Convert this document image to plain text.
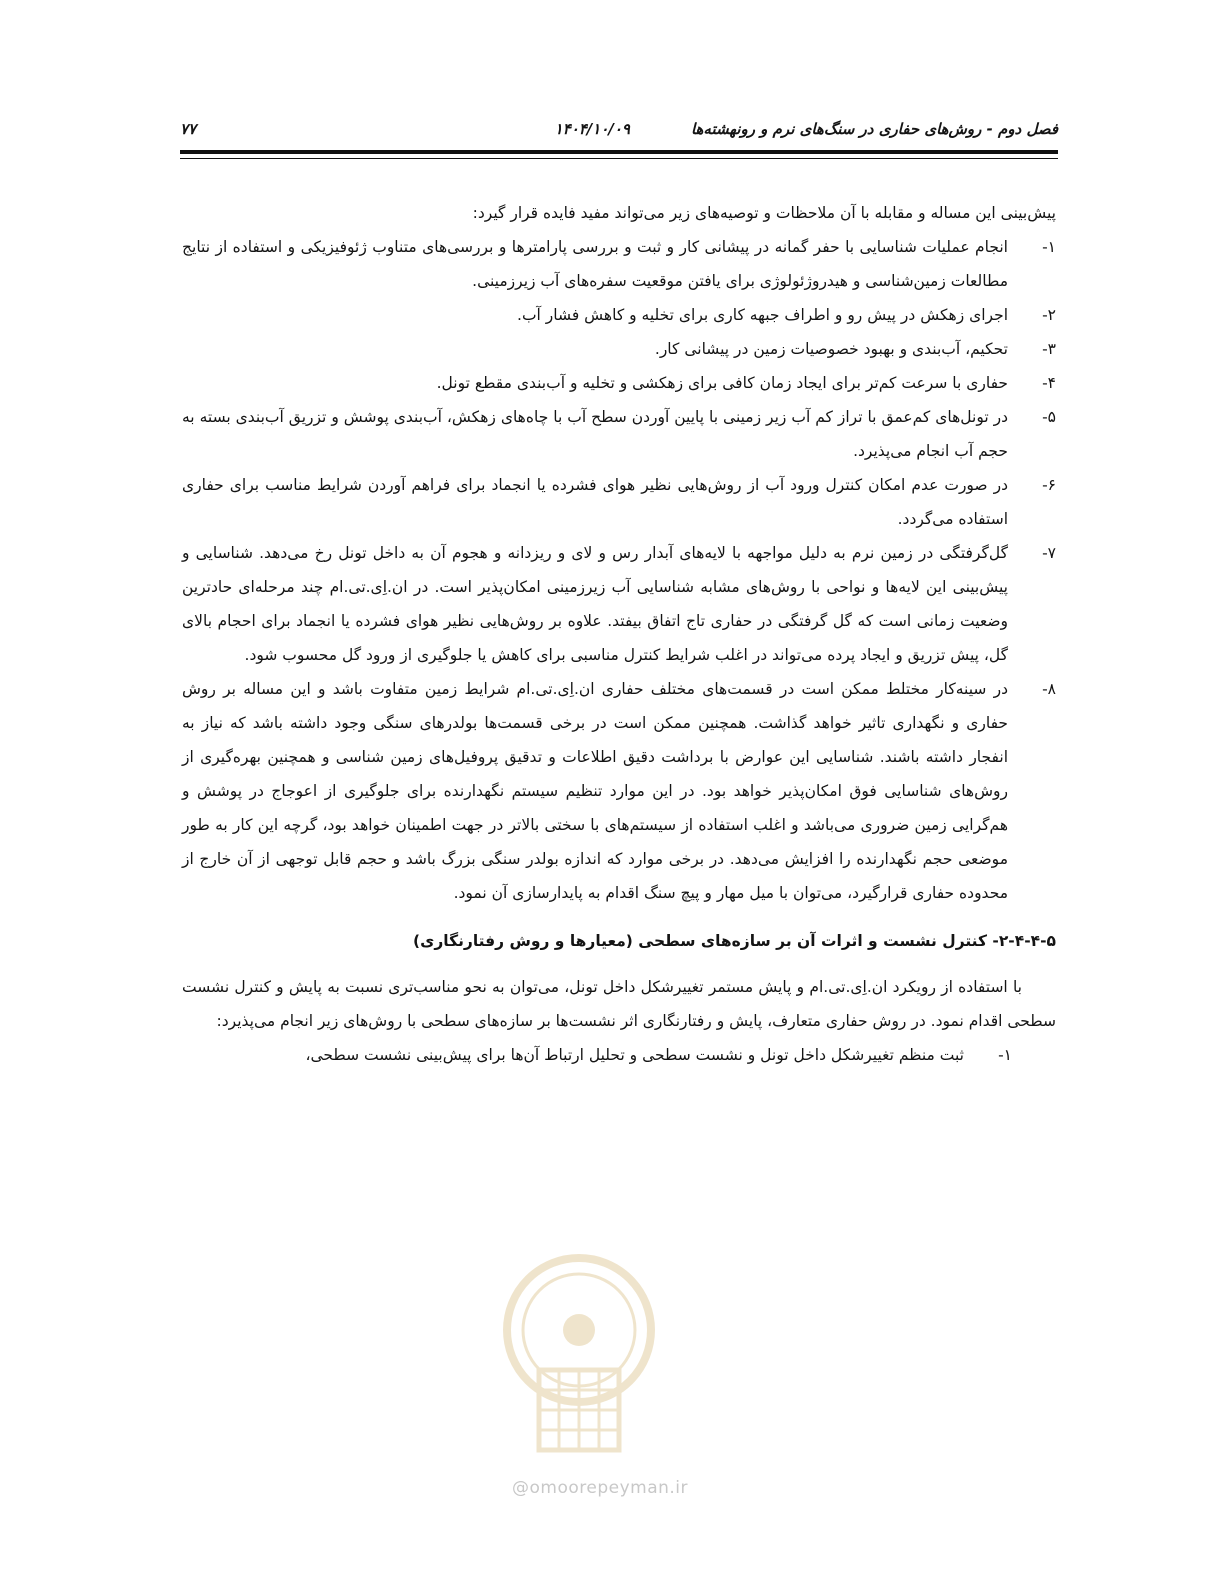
فصل دوم - روش‌های حفاری در سنگ‌های نرم و رونهشته‌ها
۱۴۰۴/۱۰/۰۹
۷۷

پیش‌بینی این مساله و مقابله با آن ملاحظات و توصیه‌های زیر می‌تواند مفید فایده قرار گیرد:

۱-
انجام عملیات شناسایی با حفر گمانه در پیشانی کار و ثبت و بررسی پارامترها و بررسی‌های متناوب ژئوفیزیکی و استفاده از نتایج مطالعات زمین‌شناسی و هیدروژئولوژی برای یافتن موقعیت سفره‌های آب زیرزمینی.
۲-
اجرای زهکش در پیش رو و اطراف جبهه کاری برای تخلیه و کاهش فشار آب.
۳-
تحکیم، آب‌بندی و بهبود خصوصیات زمین در پیشانی کار.
۴-
حفاری با سرعت کم‌تر برای ایجاد زمان کافی برای زهکشی و تخلیه و آب‌بندی مقطع تونل.
۵-
در تونل‌های کم‌عمق با تراز کم آب زیر زمینی با پایین آوردن سطح آب با چاه‌های زهکش، آب‌بندی پوشش و تزریق آب‌بندی بسته به حجم آب انجام می‌پذیرد.
۶-
در صورت عدم امکان کنترل ورود آب از روش‌هایی نظیر هوای فشرده یا انجماد برای فراهم آوردن شرایط مناسب برای حفاری استفاده می‌گردد.
۷-
گل‌گرفتگی در زمین نرم به دلیل مواجهه با لایه‌های آبدار رس و لای و ریزدانه و هجوم آن به داخل تونل رخ می‌دهد. شناسایی و پیش‌بینی این لایه‌ها و نواحی با روش‌های مشابه شناسایی آب زیرزمینی امکان‌پذیر است. در ان.اِی.تی.ام چند مرحله‌ای حادترین وضعیت زمانی است که گل گرفتگی در حفاری تاج اتفاق بیفتد. علاوه بر روش‌هایی نظیر هوای فشرده یا انجماد برای احجام بالای گل، پیش تزریق و ایجاد پرده می‌تواند در اغلب شرایط کنترل مناسبی برای کاهش یا جلوگیری از ورود گل محسوب شود.
۸-
در سینه‌کار مختلط ممکن است در قسمت‌های مختلف حفاری ان.اِی.تی.ام شرایط زمین متفاوت باشد و این مساله بر روش حفاری و نگهداری تاثیر خواهد گذاشت. همچنین ممکن است در برخی قسمت‌ها بولدرهای سنگی وجود داشته باشد که نیاز به انفجار داشته باشند. شناسایی این عوارض با برداشت دقیق اطلاعات و تدقیق پروفیل‌های زمین شناسی و همچنین بهره‌گیری از روش‌های شناسایی فوق امکان‌پذیر خواهد بود. در این موارد تنظیم سیستم نگهدارنده برای جلوگیری از اعوجاج در پوشش و هم‌گرایی زمین ضروری می‌باشد و اغلب استفاده از سیستم‌های با سختی بالاتر در جهت اطمینان خواهد بود، گرچه این کار به طور موضعی حجم نگهدارنده را افزایش می‌دهد. در برخی موارد که اندازه بولدر سنگی بزرگ باشد و حجم قابل توجهی از آن خارج از محدوده حفاری قرارگیرد، می‌توان با میل مهار و پیچ سنگ اقدام به پایدارسازی آن نمود.

۲-۴-۴-۵- کنترل نشست و اثرات آن بر سازه‌های سطحی (معیارها و روش رفتارنگاری)

با استفاده از رویکرد ان.اِی.تی.ام و پایش مستمر تغییرشکل داخل تونل، می‌توان به نحو مناسب‌تری نسبت به پایش و کنترل نشست سطحی اقدام نمود. در روش حفاری متعارف، پایش و رفتارنگاری اثر نشست‌ها بر سازه‌های سطحی با روش‌های زیر انجام می‌پذیرد:

۱-
ثبت منظم تغییرشکل داخل تونل و نشست سطحی و تحلیل ارتباط آن‌ها برای پیش‌بینی نشست سطحی،
@omoorepeyman.ir
